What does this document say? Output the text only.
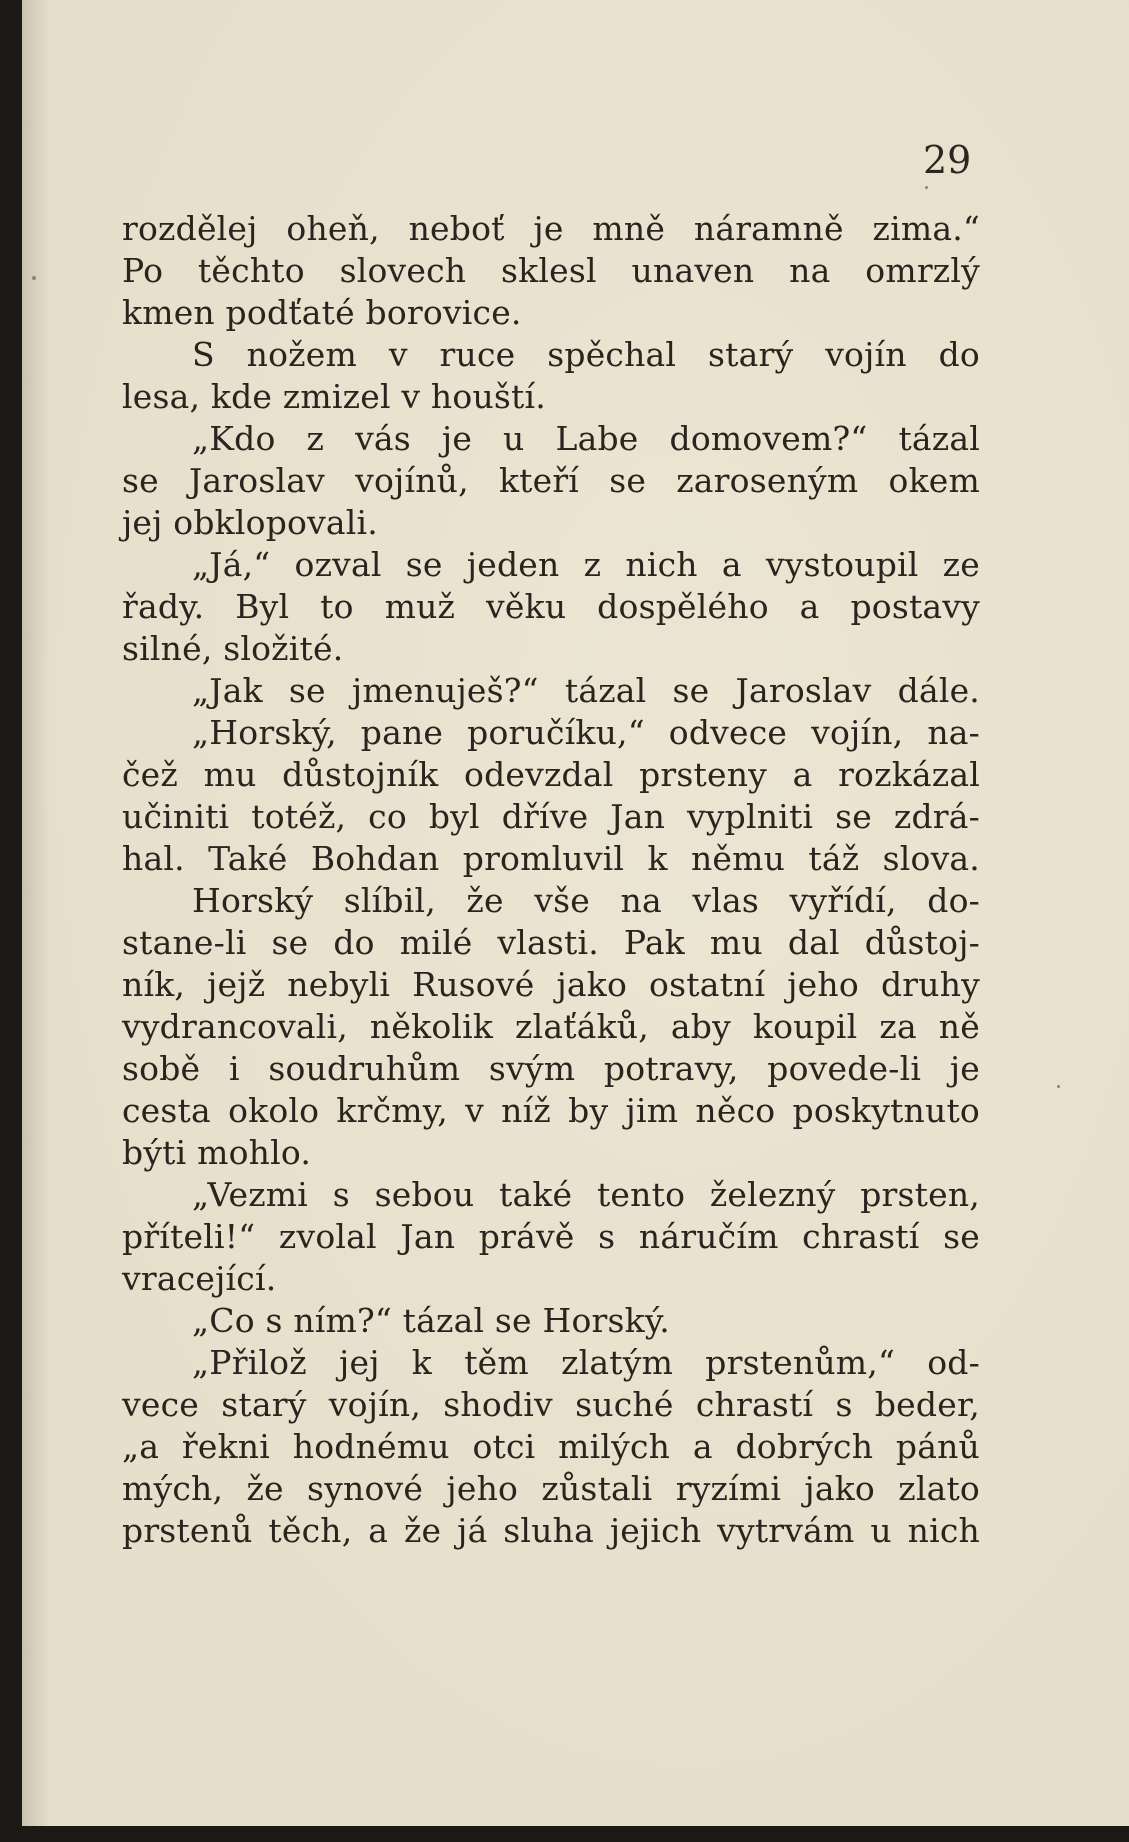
29

rozdělej oheň, neboť je mně náramně zima.“
Po těchto slovech sklesl unaven na omrzlý
kmen podťaté borovice.
S nožem v ruce spěchal starý vojín do
lesa, kde zmizel v houští.
„Kdo z vás je u Labe domovem?“ tázal
se Jaroslav vojínů, kteří se zaroseným okem
jej obklopovali.
„Já,“ ozval se jeden z nich a vystoupil ze
řady. Byl to muž věku dospělého a postavy
silné, složité.
„Jak se jmenuješ?“ tázal se Jaroslav dále.
„Horský, pane poručíku,“ odvece vojín, na-
čež mu důstojník odevzdal prsteny a rozkázal
učiniti totéž, co byl dříve Jan vyplniti se zdrá-
hal. Také Bohdan promluvil k němu táž slova.
Horský slíbil, že vše na vlas vyřídí, do-
stane-li se do milé vlasti. Pak mu dal důstoj-
ník, jejž nebyli Rusové jako ostatní jeho druhy
vydrancovali, několik zlaťáků, aby koupil za ně
sobě i soudruhům svým potravy, povede-li je
cesta okolo krčmy, v níž by jim něco poskytnuto
býti mohlo.
„Vezmi s sebou také tento železný prsten,
příteli!“ zvolal Jan právě s náručím chrastí se
vracející.
„Co s ním?“ tázal se Horský.
„Přilož jej k těm zlatým prstenům,“ od-
vece starý vojín, shodiv suché chrastí s beder,
„a řekni hodnému otci milých a dobrých pánů
mých, že synové jeho zůstali ryzími jako zlato
prstenů těch, a že já sluha jejich vytrvám u nich
